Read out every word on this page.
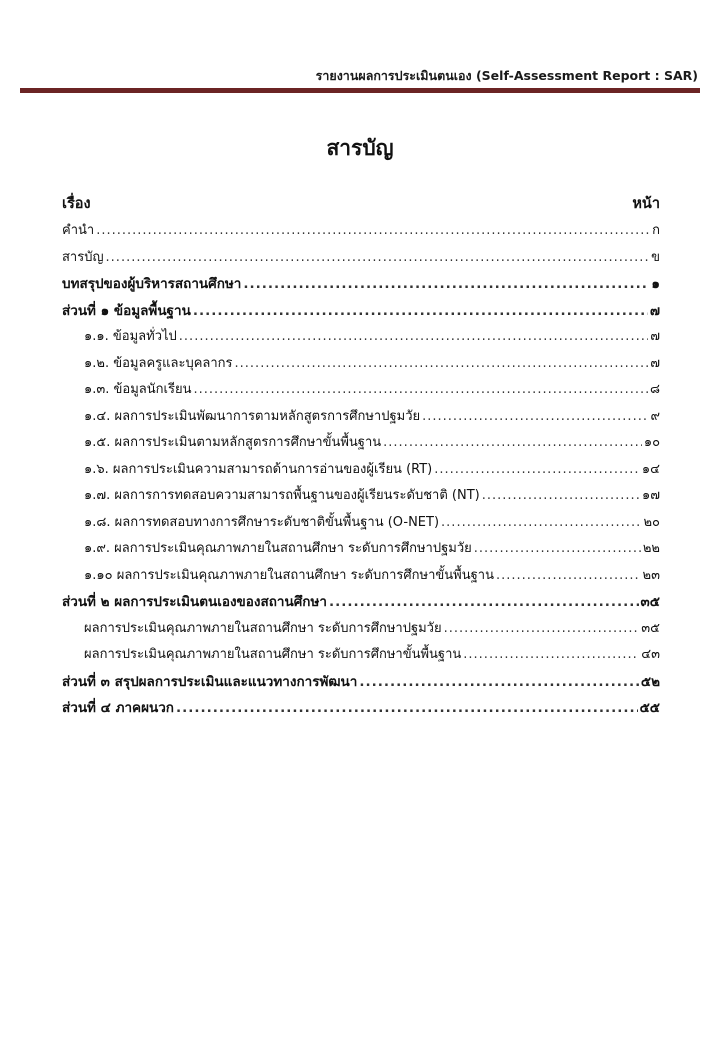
รายงานผลการประเมินตนเอง (Self-Assessment Report : SAR)
สารบัญ
เรื่อง	หน้า
คำนำ .....	ก
สารบัญ .....	ข
บทสรุปของผู้บริหารสถานศึกษา .....	๑
ส่วนที่ ๑ ข้อมูลพื้นฐาน .....	๗
๑.๑. ข้อมูลทั่วไป .....	๗
๑.๒. ข้อมูลครูและบุคลากร .....	๗
๑.๓. ข้อมูลนักเรียน .....	๘
๑.๔. ผลการประเมินพัฒนาการตามหลักสูตรการศึกษาปฐมวัย .....	๙
๑.๕. ผลการประเมินตามหลักสูตรการศึกษาขั้นพื้นฐาน .....	๑๐
๑.๖. ผลการประเมินความสามารถด้านการอ่านของผู้เรียน (RT) .....	๑๔
๑.๗. ผลการการทดสอบความสามารถพื้นฐานของผู้เรียนระดับชาติ (NT) .....	๑๗
๑.๘. ผลการทดสอบทางการศึกษาระดับชาติขั้นพื้นฐาน (O-NET) .....	๒๐
๑.๙. ผลการประเมินคุณภาพภายในสถานศึกษา ระดับการศึกษาปฐมวัย .....	๒๒
๑.๑๐ ผลการประเมินคุณภาพภายในสถานศึกษา ระดับการศึกษาขั้นพื้นฐาน .....	๒๓
ส่วนที่ ๒ ผลการประเมินตนเองของสถานศึกษา .....	๓๕
ผลการประเมินคุณภาพภายในสถานศึกษา ระดับการศึกษาปฐมวัย .....	๓๕
ผลการประเมินคุณภาพภายในสถานศึกษา ระดับการศึกษาขั้นพื้นฐาน .....	๔๓
ส่วนที่ ๓ สรุปผลการประเมินและแนวทางการพัฒนา .....	๕๒
ส่วนที่ ๔ ภาคผนวก .....	๕๕
